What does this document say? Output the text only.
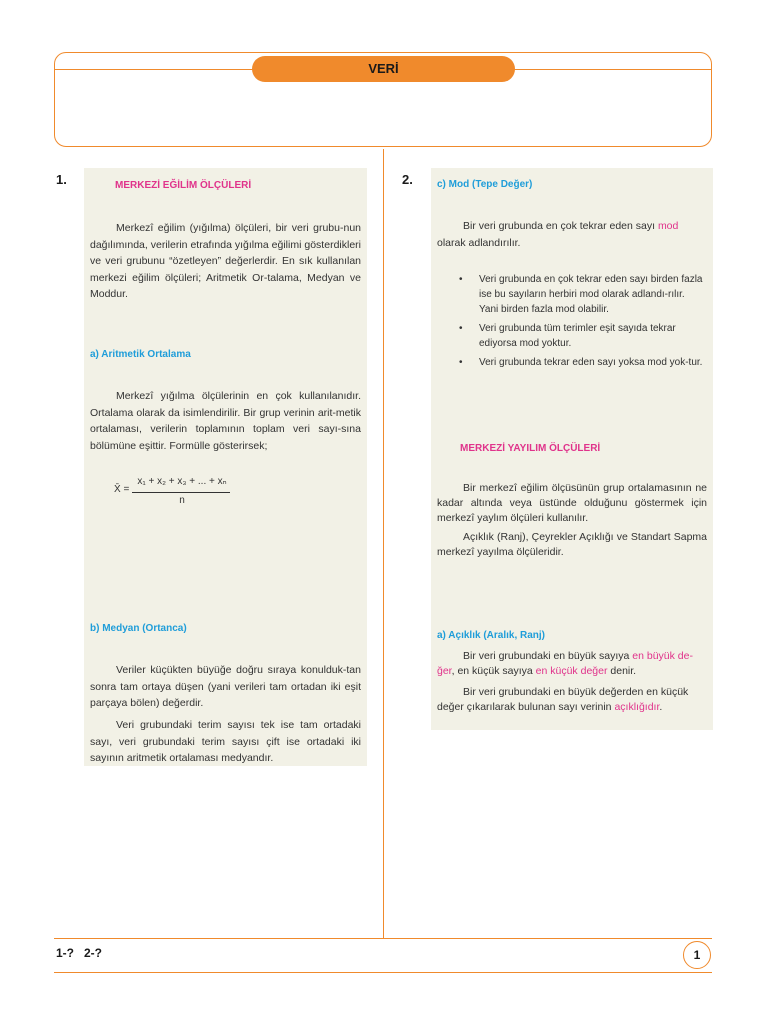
VERİ
1.	MERKEZİ EĞİLİM ÖLÇÜLERİ

Merkezî eğilim (yığılma) ölçüleri, bir veri grubu-nun dağılımında, verilerin etrafında yığılma eğilimi gösterdikleri ve veri grubunu “özetleyen” değerlerdir. En sık kullanılan merkezi eğilim ölçüleri; Aritmetik Or-talama, Medyan ve Moddur.

a) Aritmetik Ortalama

Merkezî yığılma ölçülerinin en çok kullanılanıdır. Ortalama olarak da isimlendirilir. Bir grup verinin arit-metik ortalaması, verilerin toplamının toplam veri sayı-sına bölümüne eşittir. Formülle gösterirsek;

X̄ =
x₁ + x₂ + x₃ + ... + xₙ
n
b) Medyan (Ortanca)

Veriler küçükten büyüğe doğru sıraya konulduk-tan sonra tam ortaya düşen (yani verileri tam ortadan iki eşit parçaya bölen) değerdir.

Veri grubundaki terim sayısı tek ise tam ortadaki sayı, veri grubundaki terim sayısı çift ise ortadaki iki sayının aritmetik ortalaması medyandır.

2. c) Mod (Tepe Değer)

Bir veri grubunda en çok tekrar eden sayı mod olarak adlandırılır.

• Veri grubunda en çok tekrar eden sayı birden fazla ise bu sayıların herbiri mod olarak adlandı-rılır. Yani birden fazla mod olabilir.
• Veri grubunda tüm terimler eşit sayıda tekrar ediyorsa mod yoktur.
• Veri grubunda tekrar eden sayı yoksa mod yok-tur.
MERKEZİ YAYILIM ÖLÇÜLERİ

Bir merkezî eğilim ölçüsünün grup ortalamasının ne kadar altında veya üstünde olduğunu göstermek için merkezî yaylım ölçüleri kullanılır.

Açıklık (Ranj), Çeyrekler Açıklığı ve Standart Sapma merkezî yayılma ölçüleridir.

a) Açıklık (Aralık, Ranj)

Bir veri grubundaki en büyük sayıya en büyük de-ğer, en küçük sayıya en küçük değer denir.

Bir veri grubundaki en büyük değerden en küçük değer çıkarılarak bulunan sayı verinin açıklığıdır.

1-?   2-?	1
